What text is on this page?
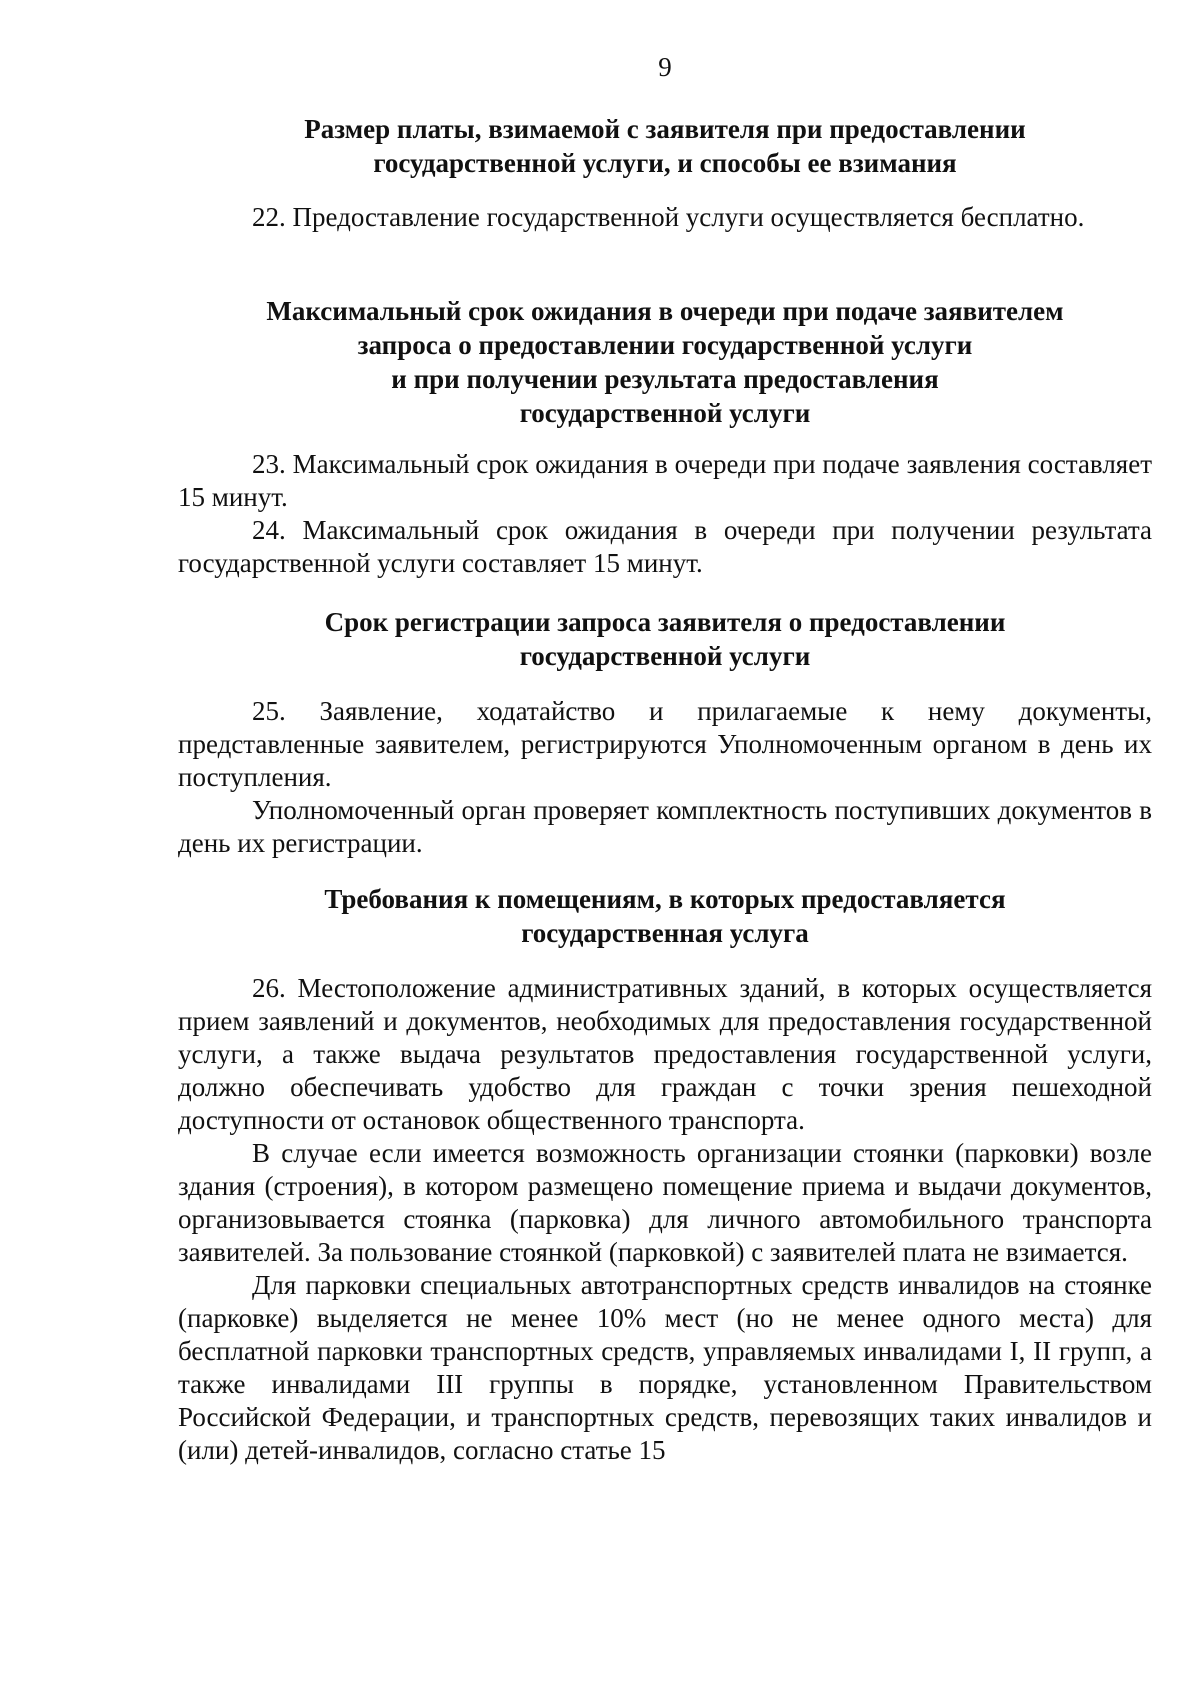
9
Размер платы, взимаемой с заявителя при предоставлении
государственной услуги, и способы ее взимания

22. Предоставление государственной услуги осуществляется бесплатно.

Максимальный срок ожидания в очереди при подаче заявителем
запроса о предоставлении государственной услуги
и при получении результата предоставления
государственной услуги

23. Максимальный срок ожидания в очереди при подаче заявления составляет 15 минут.

24. Максимальный срок ожидания в очереди при получении результата государственной услуги составляет 15 минут.

Срок регистрации запроса заявителя о предоставлении
государственной услуги

25. Заявление, ходатайство и прилагаемые к нему документы, представленные заявителем, регистрируются Уполномоченным органом в день их поступления.

Уполномоченный орган проверяет комплектность поступивших документов в день их регистрации.

Требования к помещениям, в которых предоставляется
государственная услуга

26. Местоположение административных зданий, в которых осуществляется прием заявлений и документов, необходимых для предоставления государственной услуги, а также выдача результатов предоставления государственной услуги, должно обеспечивать удобство для граждан с точки зрения пешеходной доступности от остановок общественного транспорта.

В случае если имеется возможность организации стоянки (парковки) возле здания (строения), в котором размещено помещение приема и выдачи документов, организовывается стоянка (парковка) для личного автомобильного транспорта заявителей. За пользование стоянкой (парковкой) с заявителей плата не взимается.

Для парковки специальных автотранспортных средств инвалидов на стоянке (парковке) выделяется не менее 10% мест (но не менее одного места) для бесплатной парковки транспортных средств, управляемых инвалидами I, II групп, а также инвалидами III группы в порядке, установленном Правительством Российской Федерации, и транспортных средств, перевозящих таких инвалидов и (или) детей-инвалидов, согласно статье 15
